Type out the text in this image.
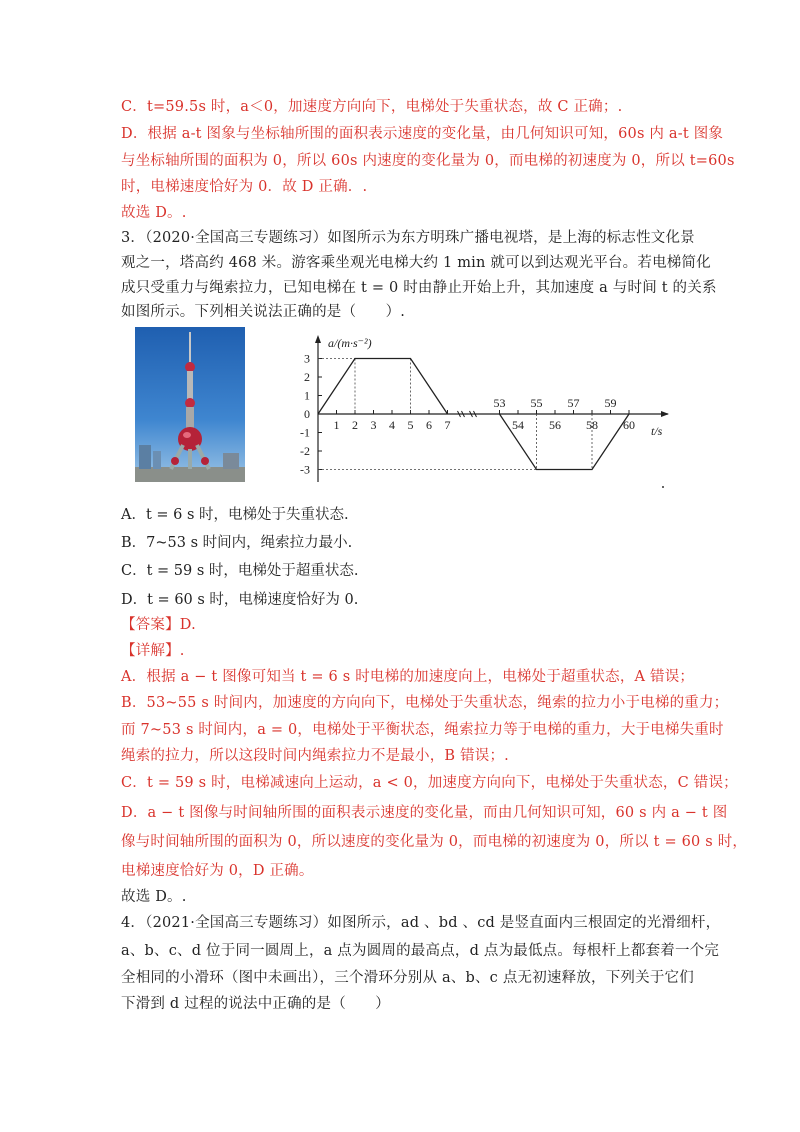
C．t=59.5s 时，a＜0，加速度方向向下，电梯处于失重状态，故 C 正确；.
D．根据 a-t 图象与坐标轴所围的面积表示速度的变化量，由几何知识可知，60s 内 a-t 图象
与坐标轴所围的面积为 0，所以 60s 内速度的变化量为 0，而电梯的初速度为 0，所以 t=60s
时，电梯速度恰好为 0．故 D 正确．.
故选 D。.
3．（2020·全国高三专题练习）如图所示为东方明珠广播电视塔，是上海的标志性文化景
观之一，塔高约 468 米。游客乘坐观光电梯大约 1 min 就可以到达观光平台。若电梯简化
成只受重力与绳索拉力，已知电梯在 t = 0 时由静止开始上升，其加速度 a 与时间 t 的关系
如图所示。下列相关说法正确的是（　　）.
a/(m·s⁻²)
t/s
3
2
1
0
-1
-2
-3
1 2 3 4 5 6 7
53 55 57 59
54 56 58 60
A．t = 6 s 时，电梯处于失重状态.
B．7~53 s 时间内，绳索拉力最小.
C．t = 59 s 时，电梯处于超重状态.
D．t = 60 s 时，电梯速度恰好为 0.
【答案】D.
【详解】.
A．根据 a − t 图像可知当 t = 6 s 时电梯的加速度向上，电梯处于超重状态，A 错误；
B．53~55 s 时间内，加速度的方向向下，电梯处于失重状态，绳索的拉力小于电梯的重力；
而 7~53 s 时间内，a = 0，电梯处于平衡状态，绳索拉力等于电梯的重力，大于电梯失重时
绳索的拉力，所以这段时间内绳索拉力不是最小，B 错误；.
C．t = 59 s 时，电梯减速向上运动，a < 0，加速度方向向下，电梯处于失重状态，C 错误；
D．a − t 图像与时间轴所围的面积表示速度的变化量，而由几何知识可知，60 s 内 a − t 图
像与时间轴所围的面积为 0，所以速度的变化量为 0，而电梯的初速度为 0，所以 t = 60 s 时，
电梯速度恰好为 0，D 正确。
故选 D。.
4．（2021·全国高三专题练习）如图所示，ad 、bd 、cd 是竖直面内三根固定的光滑细杆，
a、b、c、d 位于同一圆周上，a 点为圆周的最高点，d 点为最低点。每根杆上都套着一个完
全相同的小滑环（图中未画出），三个滑环分别从 a、b、c 点无初速释放，下列关于它们
下滑到 d 过程的说法中正确的是（　　）
